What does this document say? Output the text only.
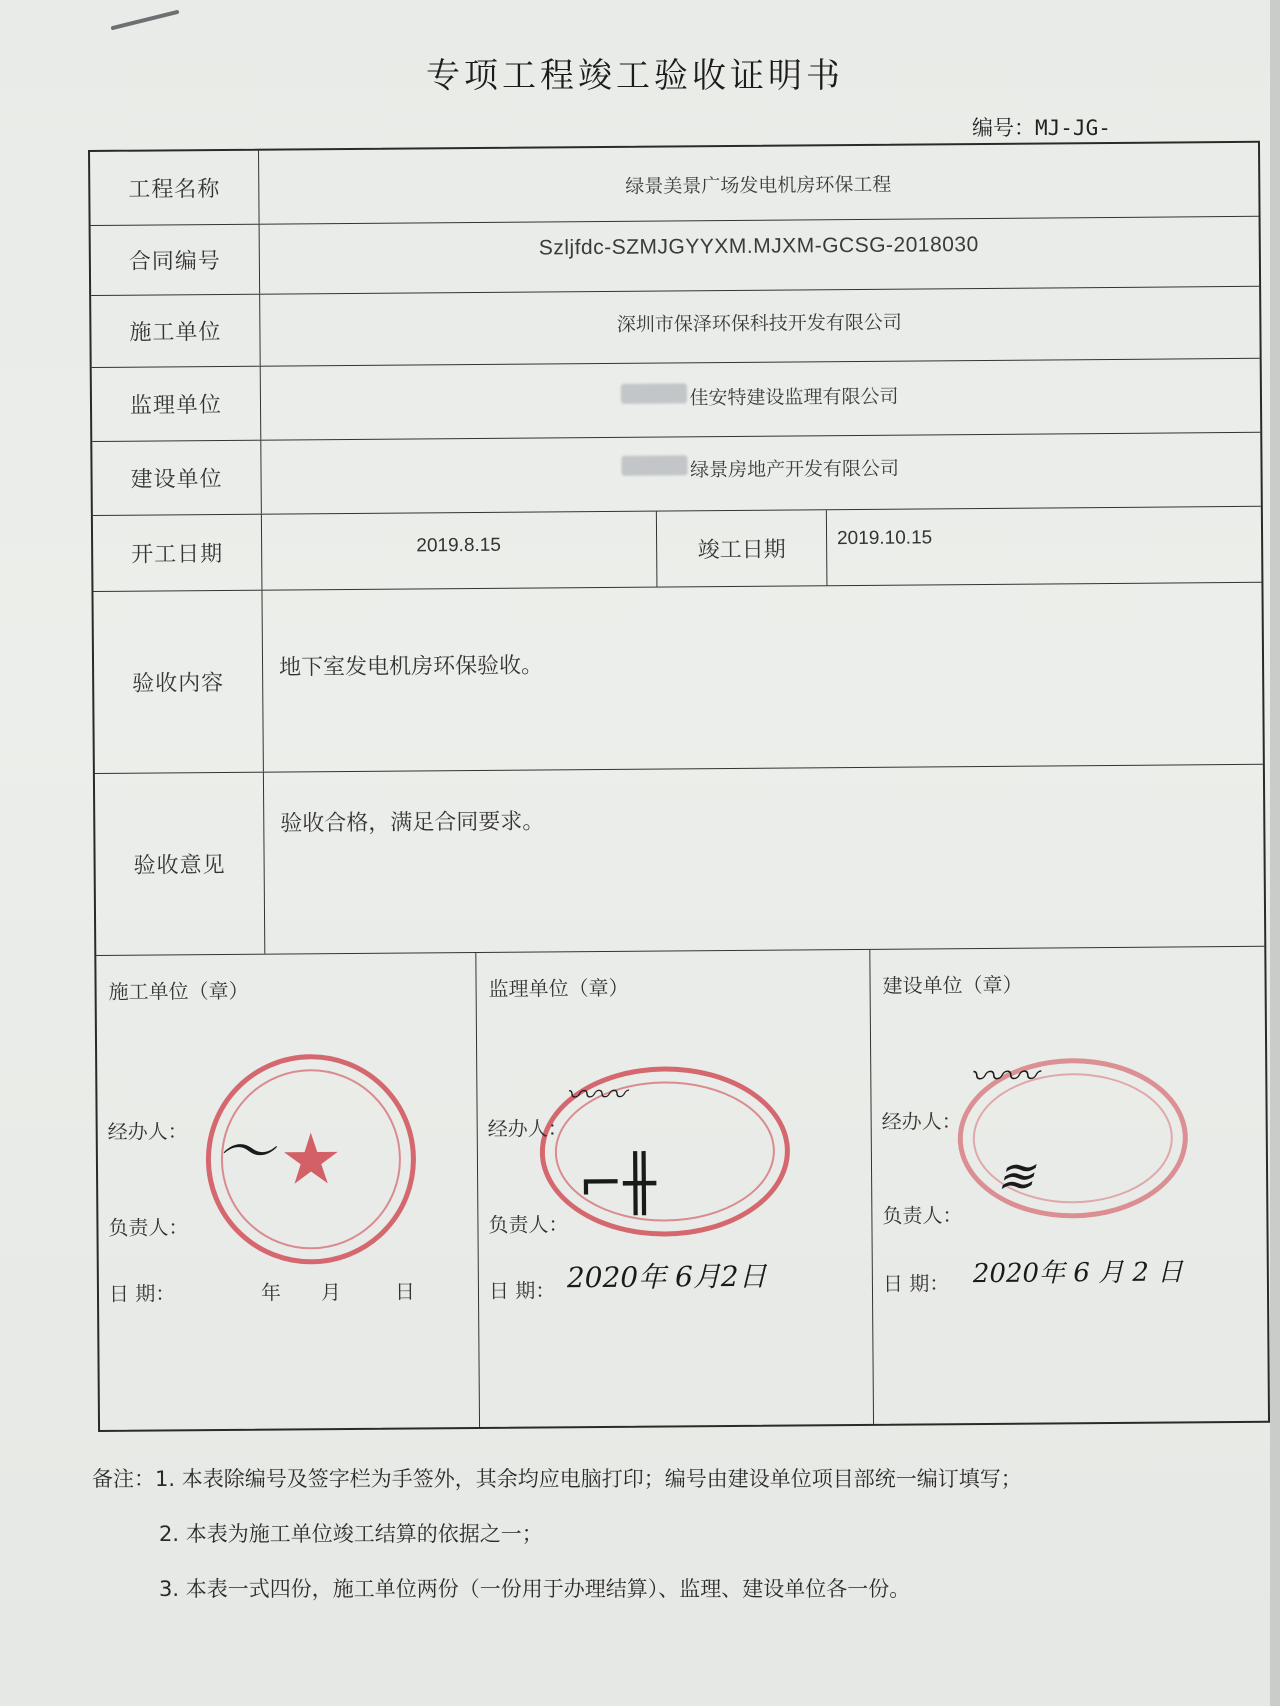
专项工程竣工验收证明书
编号：MJ-JG-
工程名称	绿景美景广场发电机房环保工程
合同编号
Szljfdc-SZMJGYYXM.MJXM-GCSG-2018030
施工单位	深圳市保泽环保科技开发有限公司
监理单位	佳安特建设监理有限公司
建设单位	绿景房地产开发有限公司
开工日期	2019.8.15	竣工日期	2019.10.15
验收内容
地下室发电机房环保验收。
验收意见
验收合格，满足合同要求。
施工单位（章）
★
〜
经办人：
负责人：
日 期：	年 月	日
监理单位（章）
〰〰
⌐╫
经办人：
负责人：
日 期： 2020年 6月2日
建设单位（章）
〰〰
≋
经办人：
负责人：
日 期： 2020年 6 月 2 日
备注：1. 本表除编号及签字栏为手签外，其余均应电脑打印；编号由建设单位项目部统一编订填写；
2. 本表为施工单位竣工结算的依据之一；
3. 本表一式四份，施工单位两份（一份用于办理结算）、监理、建设单位各一份。
